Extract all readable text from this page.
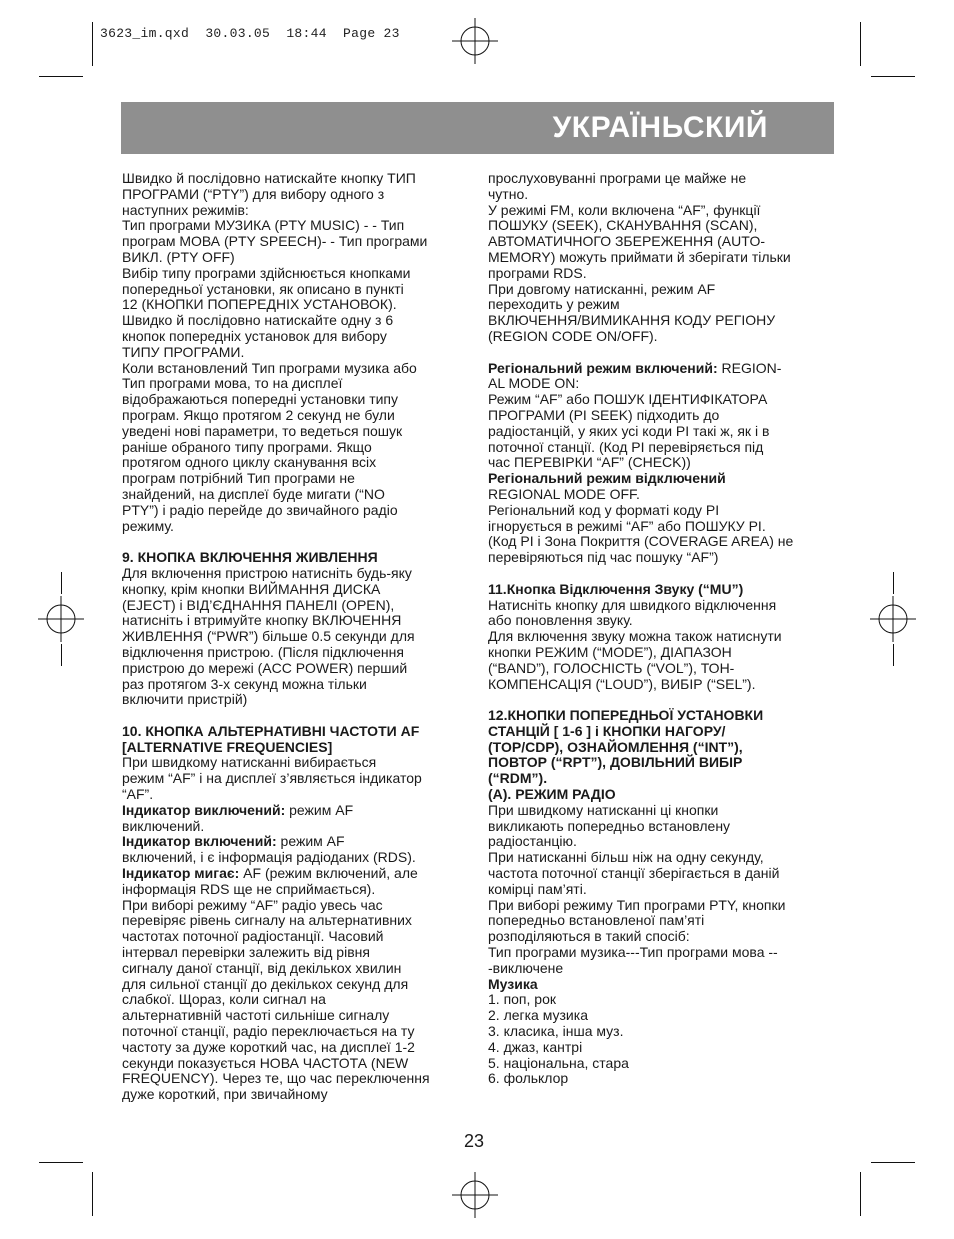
3623_im.qxd  30.03.05  18:44  Page 23
УКРАЇНЬСКИЙ
Швидко й послідовно натискайте кнопку ТИП
ПРОГРАМИ (“PTY”) для вибору одного з
наступних режимів:
Тип програми МУЗИКА (PTY MUSIC) - - Тип
програм МОВА (PTY SPEECH)- - Тип програми
ВИКЛ. (PTY OFF)
Вибір типу програми здійснюється кнопками
попередньої установки, як описано в пункті
12 (КНОПКИ ПОПЕРЕДНІХ УСТАНОВОК).
Швидко й послідовно натискайте одну з 6
кнопок попередніх установок для вибору
ТИПУ ПРОГРАМИ.
Коли встановлений Тип програми музика або
Тип програми мова, то на дисплеї
відображаються попередні установки типу
програм. Якщо протягом 2 секунд не були
уведені нові параметри, то ведеться пошук
раніше обраного типу програми. Якщо
протягом одного циклу сканування всіх
програм потрібний Тип програми не
знайдений, на дисплеї буде мигати (“NO
PTY”) і радіо перейде до звичайного радіо
режиму.
9. КНОПКА ВКЛЮЧЕННЯ ЖИВЛЕННЯ
Для включення пристрою натисніть будь-яку
кнопку, крім кнопки ВИЙМАННЯ ДИСКА
(EJECT) і ВІД’ЄДНАННЯ ПАНЕЛІ (OPEN),
натисніть і втримуйте кнопку ВКЛЮЧЕННЯ
ЖИВЛЕННЯ (“PWR”) більше 0.5 секунди для
відключення пристрою. (Після підключення
пристрою до мережі (ACC POWER) перший
раз протягом 3-х секунд можна тільки
включити пристрій)
10. КНОПКА АЛЬТЕРНАТИВНІ ЧАСТОТИ AF
[ALTERNATIVE FREQUENCIES]
При швидкому натисканні вибирається
режим “AF” і на дисплеї з’являється індикатор
“AF”.
Індикатор виключений: режим AF
виключений.
Індикатор включений: режим AF
включений, і є інформація радіоданих (RDS).
Індикатор мигає: AF (режим включений, але
інформація RDS ще не сприймається).
При виборі режиму “AF” радіо увесь час
перевіряє рівень сигналу на альтернативних
частотах поточної радіостанції. Часовий
інтервал перевірки залежить від рівня
сигналу даної станції, від декількох хвилин
для сильної станції до декількох секунд для
слабкої. Щораз, коли сигнал на
альтернативній частоті сильніше сигналу
поточної станції, радіо переключається на ту
частоту за дуже короткий час, на дисплеї 1-2
секунди показується НОВА ЧАСТОТА (NEW
FREQUENCY). Через те, що час переключення
дуже короткий, при звичайному
прослуховуванні програми це майже не
чутно.
У режимі FM, коли включена “AF”, функції
ПОШУКУ (SEEK), СКАНУВАННЯ (SCAN),
АВТОМАТИЧНОГО ЗБЕРЕЖЕННЯ (AUTO-
MEMORY) можуть приймати й зберігати тільки
програми RDS.
При довгому натисканні, режим AF
переходить у режим
ВКЛЮЧЕННЯ/ВИМИКАННЯ КОДУ РЕГІОНУ
(REGION CODE ON/OFF).
Регіональний режим включений: REGION-
AL MODE ON:
Режим “AF” або ПОШУК ІДЕНТИФІКАТОРА
ПРОГРАМИ (PI SEEK) підходить до
радіостанцій, у яких усі коди PI такі ж, як і в
поточної станції. (Код PI перевіряється під
час ПЕРЕВІРКИ “AF” (CHECK))
Регіональний режим відключений
REGIONAL MODE OFF.
Регіональний код у форматі коду PI
ігнорується в режимі “AF” або ПОШУКУ PI.
(Код PI і Зона Покриття (COVERAGE AREA) не
перевіряються під час пошуку “AF”)
11.Кнопка Відключення Звуку (“MU”)
Натисніть кнопку для швидкого відключення
або поновлення звуку.
Для включення звуку можна також натиснути
кнопки РЕЖИМ (“MODE”), ДІАПАЗОН
(“BAND”), ГОЛОСНІСТЬ (“VOL”), ТОН-
КОМПЕНСАЦІЯ (“LOUD”), ВИБІР (“SEL”).
12.КНОПКИ ПОПЕРЕДНЬОЇ УСТАНОВКИ
СТАНЦІЙ [ 1-6 ] і КНОПКИ НАГОРУ/
(TOP/CDP), ОЗНАЙОМЛЕННЯ (“INT”),
ПОВТОР (“RPT”), ДОВІЛЬНИЙ ВИБІР
(“RDM”).
(А). РЕЖИМ РАДІО
При швидкому натисканні ці кнопки
викликають попередньо встановлену
радіостанцію.
При натисканні більш ніж на одну секунду,
частота поточної станції зберігається в даній
комірці пам’яті.
При виборі режиму Тип програми PTY, кнопки
попередньо встановленої пам’яті
розподіляються в такий спосіб:
Тип програми музика---Тип програми мова --
-виключене
Музика
1. поп, рок
2. легка музика
3. класика, інша муз.
4. джаз, кантрі
5. національна, стара
6. фольклор
23
